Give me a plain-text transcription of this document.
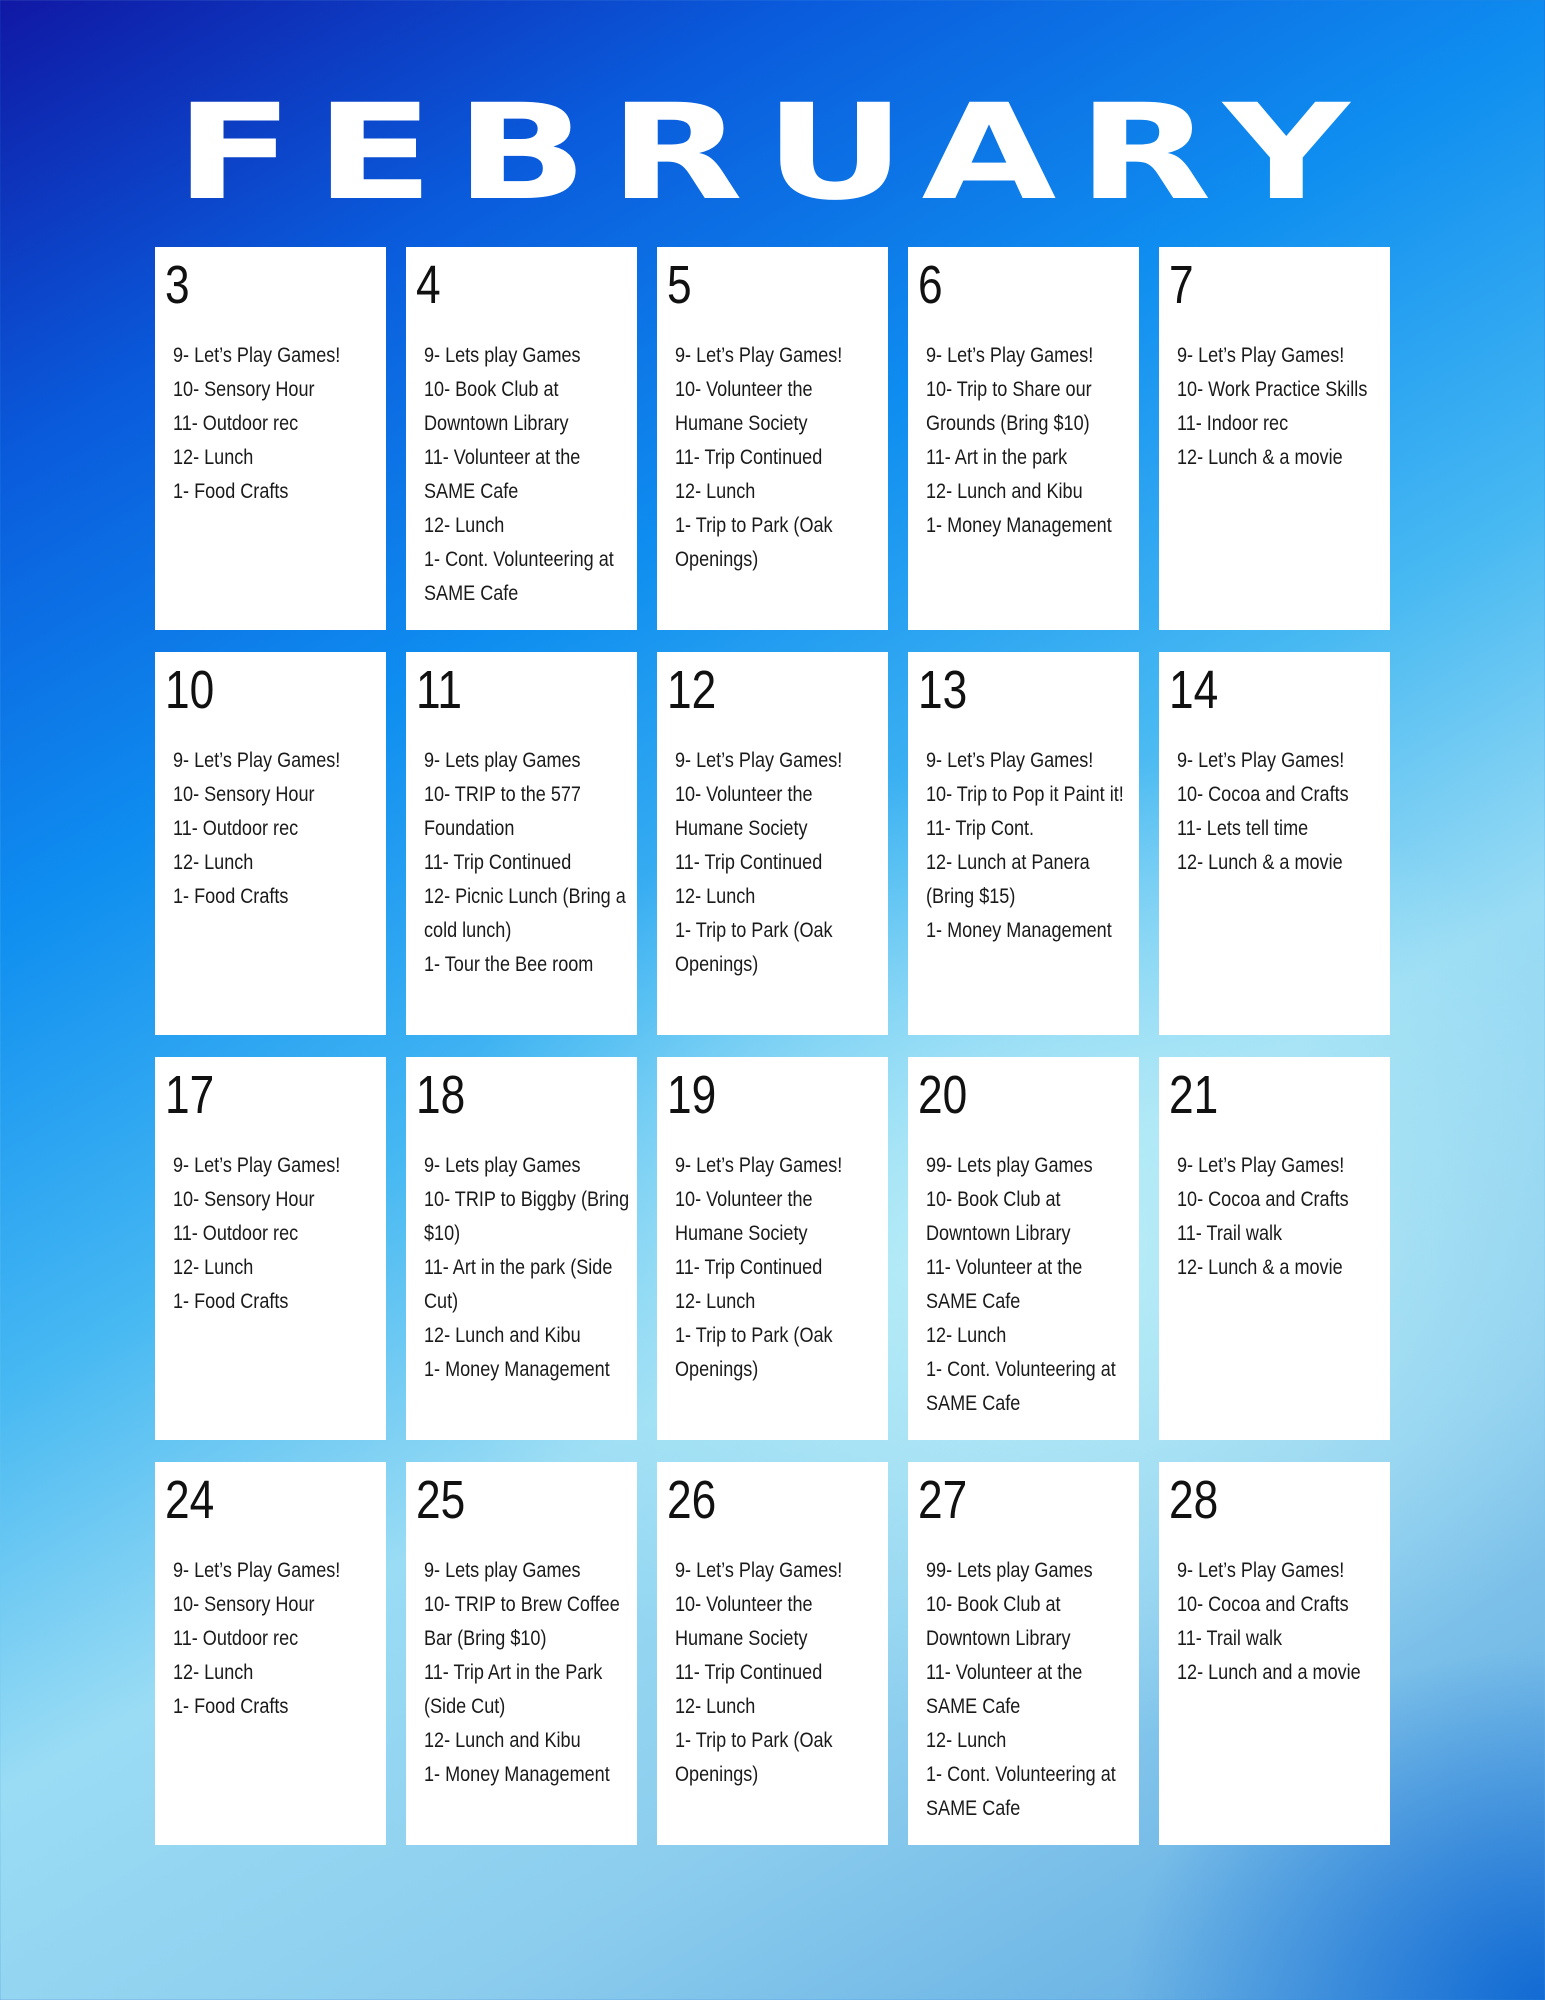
FEBRUARY
3
9- Let’s Play Games!
10- Sensory Hour
11- Outdoor rec
12- Lunch
1- Food Crafts
4
9- Lets play Games
10- Book Club at Downtown Library
11- Volunteer at the SAME Cafe
12- Lunch
1- Cont. Volunteering at SAME Cafe
5
9- Let’s Play Games!
10- Volunteer the Humane Society
11- Trip Continued
12- Lunch
1- Trip to Park (Oak Openings)
6
9- Let’s Play Games!
10- Trip to Share our Grounds (Bring $10)
11- Art in the park
12- Lunch and Kibu
1- Money Management
7
9- Let’s Play Games!
10- Work Practice Skills
11- Indoor rec
12- Lunch & a movie
10
9- Let’s Play Games!
10- Sensory Hour
11- Outdoor rec
12- Lunch
1- Food Crafts
11
9- Lets play Games
10- TRIP to the 577 Foundation
11- Trip Continued
12- Picnic Lunch (Bring a cold lunch)
1- Tour the Bee room
12
9- Let’s Play Games!
10- Volunteer the Humane Society
11- Trip Continued
12- Lunch
1- Trip to Park (Oak Openings)
13
9- Let’s Play Games!
10- Trip to Pop it Paint it!
11- Trip Cont.
12- Lunch at Panera (Bring $15)
1- Money Management
14
9- Let’s Play Games!
10- Cocoa and Crafts
11- Lets tell time
12- Lunch & a movie
17
9- Let’s Play Games!
10- Sensory Hour
11- Outdoor rec
12- Lunch
1- Food Crafts
18
9- Lets play Games
10- TRIP to Biggby (Bring $10)
11- Art in the park (Side Cut)
12- Lunch and Kibu
1- Money Management
19
9- Let’s Play Games!
10- Volunteer the Humane Society
11- Trip Continued
12- Lunch
1- Trip to Park (Oak Openings)
20
99- Lets play Games
10- Book Club at Downtown Library
11- Volunteer at the SAME Cafe
12- Lunch
1- Cont. Volunteering at SAME Cafe
21
9- Let’s Play Games!
10- Cocoa and Crafts
11- Trail walk
12- Lunch & a movie
24
9- Let’s Play Games!
10- Sensory Hour
11- Outdoor rec
12- Lunch
1- Food Crafts
25
9- Lets play Games
10- TRIP to Brew Coffee Bar (Bring $10)
11- Trip Art in the Park (Side Cut)
12- Lunch and Kibu
1- Money Management
26
9- Let’s Play Games!
10- Volunteer the Humane Society
11- Trip Continued
12- Lunch
1- Trip to Park (Oak Openings)
27
99- Lets play Games
10- Book Club at Downtown Library
11- Volunteer at the SAME Cafe
12- Lunch
1- Cont. Volunteering at SAME Cafe
28
9- Let’s Play Games!
10- Cocoa and Crafts
11- Trail walk
12- Lunch and a movie
